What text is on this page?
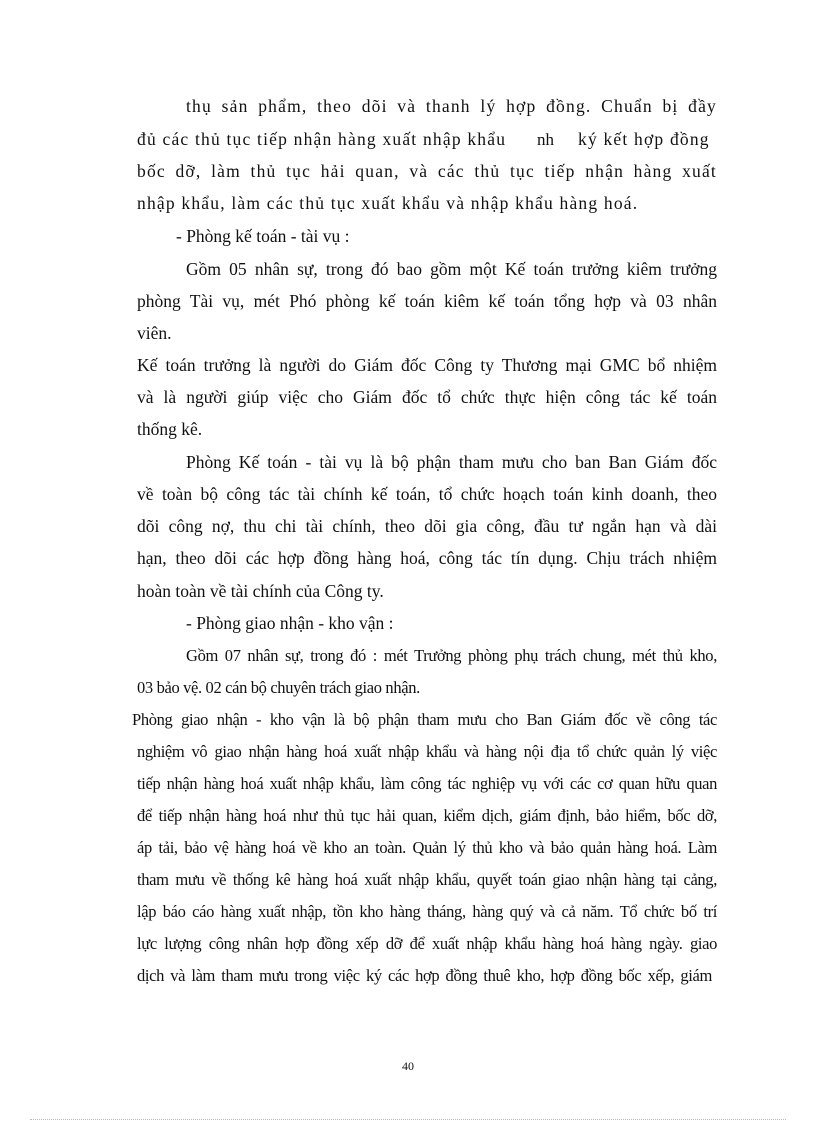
thụ sản phẩm, theo dõi và thanh lý hợp đồng. Chuẩn bị đầy
đủ các thủ tục tiếp nhận hàng xuất nhập khẩu nh ký kết hợp đồng
bốc dỡ, làm thủ tục hải quan, và các thủ tục tiếp nhận hàng xuất
nhập khẩu, làm các thủ tục xuất khẩu và nhập khẩu hàng hoá.
- Phòng kế toán - tài vụ :
Gồm 05 nhân sự, trong đó bao gồm một Kế toán trưởng kiêm trưởng
phòng Tài vụ, mét Phó phòng kế toán kiêm kế toán tổng hợp và 03 nhân
viên.
Kế toán trưởng là người do Giám đốc Công ty Thương mại GMC bổ nhiệm
và là người giúp việc cho Giám đốc tổ chức thực hiện công tác kế toán
thống kê.
Phòng Kế toán - tài vụ là bộ phận tham mưu cho ban Ban Giám đốc
về toàn bộ công tác tài chính kế toán, tổ chức hoạch toán kinh doanh, theo
dõi công nợ, thu chi tài chính, theo dõi gia công, đầu tư ngắn hạn và dài
hạn, theo dõi các hợp đồng hàng hoá, công tác tín dụng. Chịu trách nhiệm
hoàn toàn về tài chính của Công ty.
- Phòng giao nhận - kho vận :
Gồm 07 nhân sự, trong đó : mét Trưởng phòng phụ trách chung, mét thủ kho,
03 bảo vệ. 02 cán bộ chuyên trách giao nhận.
Phòng giao nhận - kho vận là bộ phận tham mưu cho Ban Giám đốc về công tác
nghiệm vô giao nhận hàng hoá xuất nhập khẩu và hàng nội địa tổ chức quản lý việc
tiếp nhận hàng hoá xuất nhập khẩu, làm công tác nghiệp vụ với các cơ quan hữu quan
để tiếp nhận hàng hoá như thủ tục hải quan, kiểm dịch, giám định, bảo hiểm, bốc dỡ,
áp tải, bảo vệ hàng hoá về kho an toàn. Quản lý thủ kho và bảo quản hàng hoá. Làm
tham mưu về thống kê hàng hoá xuất nhập khẩu, quyết toán giao nhận hàng tại cảng,
lập báo cáo hàng xuất nhập, tồn kho hàng tháng, hàng quý và cả năm. Tổ chức bố trí
lực lượng công nhân hợp đồng xếp dỡ để xuất nhập khẩu hàng hoá hàng ngày. giao
dịch và làm tham mưu trong việc ký các hợp đồng thuê kho, hợp đồng bốc xếp, giám
40
